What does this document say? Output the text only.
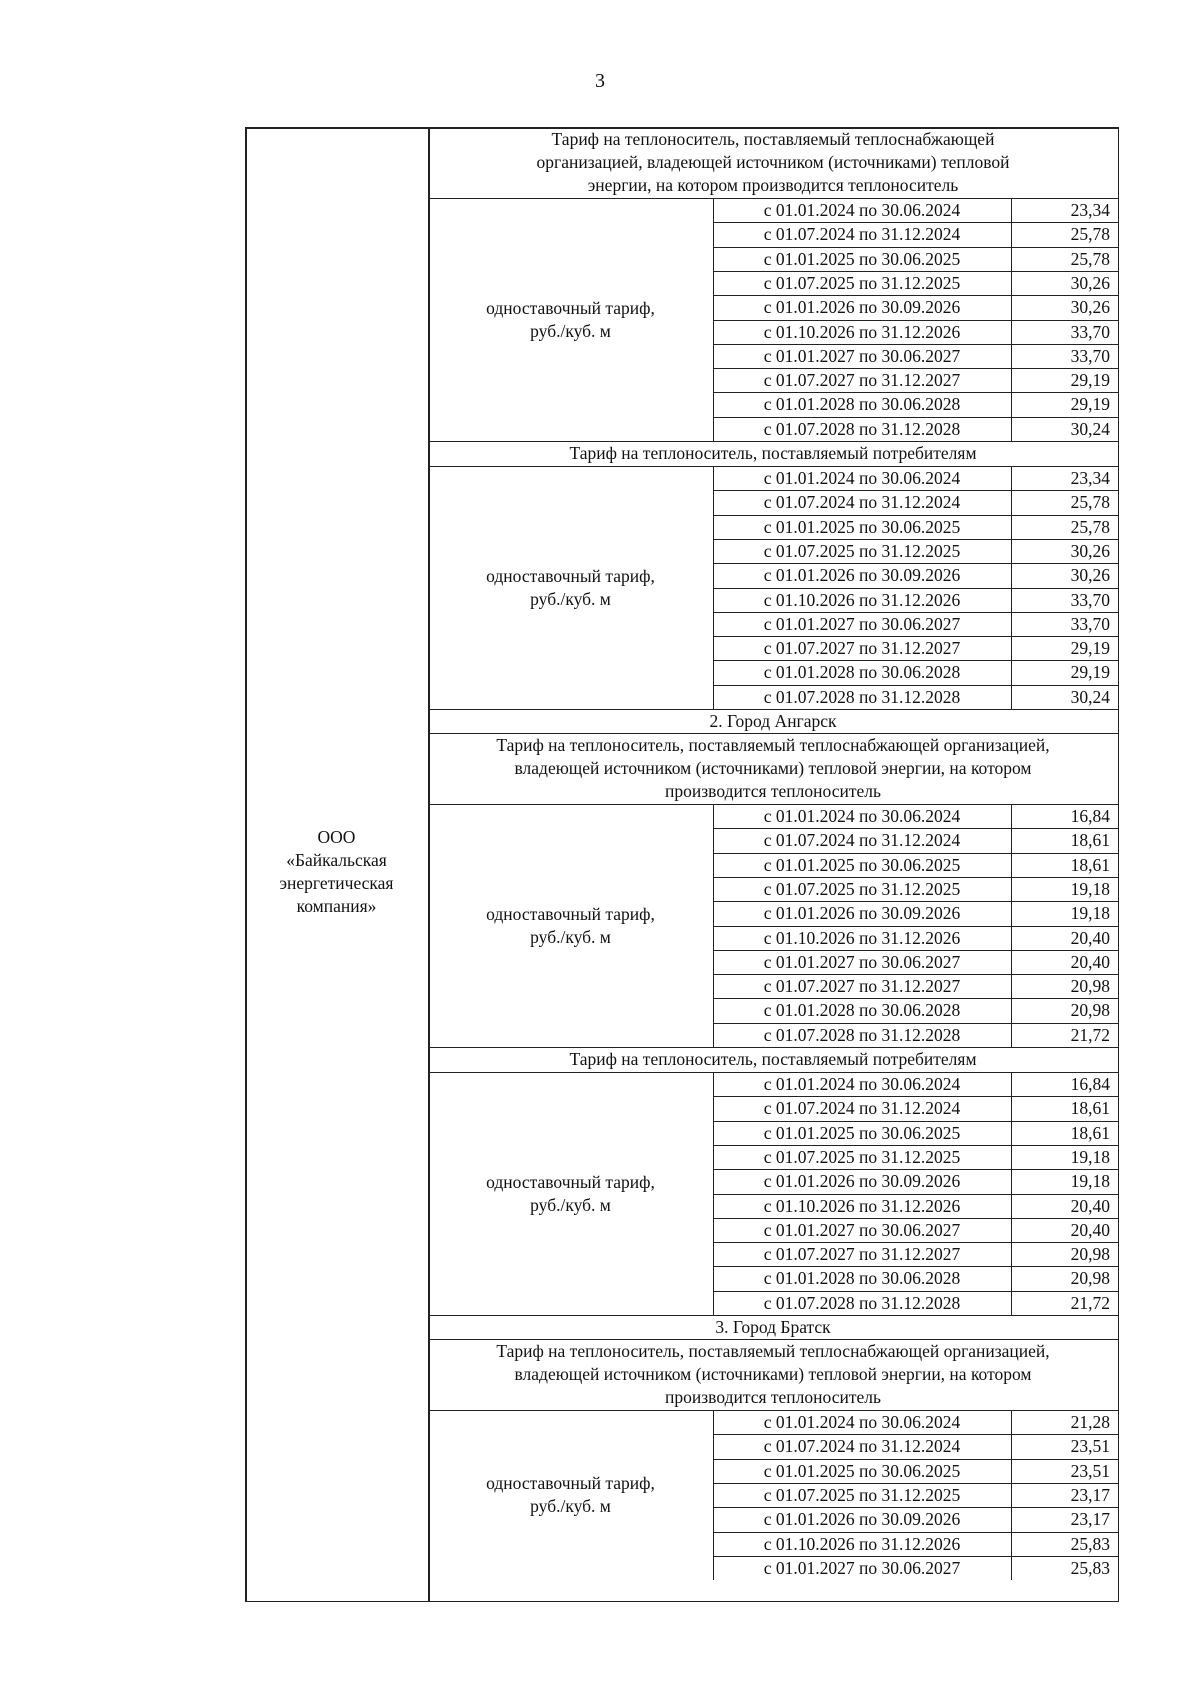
3
ООО
«Байкальская
энергетическая
компания»
Тариф на теплоноситель, поставляемый теплоснабжающей
организацией, владеющей источником (источниками) тепловой
энергии, на котором производится теплоноситель
с 01.01.2024 по 30.06.2024	23,34
с 01.07.2024 по 31.12.2024	25,78
с 01.01.2025 по 30.06.2025	25,78
с 01.07.2025 по 31.12.2025	30,26
с 01.01.2026 по 30.09.2026	30,26
с 01.10.2026 по 31.12.2026	33,70
с 01.01.2027 по 30.06.2027	33,70
с 01.07.2027 по 31.12.2027	29,19
с 01.01.2028 по 30.06.2028	29,19
с 01.07.2028 по 31.12.2028	30,24
одноставочный тариф,
руб./куб. м
Тариф на теплоноситель, поставляемый потребителям
с 01.01.2024 по 30.06.2024	23,34
с 01.07.2024 по 31.12.2024	25,78
с 01.01.2025 по 30.06.2025	25,78
с 01.07.2025 по 31.12.2025	30,26
с 01.01.2026 по 30.09.2026	30,26
с 01.10.2026 по 31.12.2026	33,70
с 01.01.2027 по 30.06.2027	33,70
с 01.07.2027 по 31.12.2027	29,19
с 01.01.2028 по 30.06.2028	29,19
с 01.07.2028 по 31.12.2028	30,24
одноставочный тариф,
руб./куб. м
2. Город Ангарск
Тариф на теплоноситель, поставляемый теплоснабжающей организацией,
владеющей источником (источниками) тепловой энергии, на котором
производится теплоноситель
с 01.01.2024 по 30.06.2024	16,84
с 01.07.2024 по 31.12.2024	18,61
с 01.01.2025 по 30.06.2025	18,61
с 01.07.2025 по 31.12.2025	19,18
с 01.01.2026 по 30.09.2026	19,18
с 01.10.2026 по 31.12.2026	20,40
с 01.01.2027 по 30.06.2027	20,40
с 01.07.2027 по 31.12.2027	20,98
с 01.01.2028 по 30.06.2028	20,98
с 01.07.2028 по 31.12.2028	21,72
одноставочный тариф,
руб./куб. м
Тариф на теплоноситель, поставляемый потребителям
с 01.01.2024 по 30.06.2024	16,84
с 01.07.2024 по 31.12.2024	18,61
с 01.01.2025 по 30.06.2025	18,61
с 01.07.2025 по 31.12.2025	19,18
с 01.01.2026 по 30.09.2026	19,18
с 01.10.2026 по 31.12.2026	20,40
с 01.01.2027 по 30.06.2027	20,40
с 01.07.2027 по 31.12.2027	20,98
с 01.01.2028 по 30.06.2028	20,98
с 01.07.2028 по 31.12.2028	21,72
одноставочный тариф,
руб./куб. м
3. Город Братск
Тариф на теплоноситель, поставляемый теплоснабжающей организацией,
владеющей источником (источниками) тепловой энергии, на котором
производится теплоноситель
с 01.01.2024 по 30.06.2024	21,28
с 01.07.2024 по 31.12.2024	23,51
с 01.01.2025 по 30.06.2025	23,51
с 01.07.2025 по 31.12.2025	23,17
с 01.01.2026 по 30.09.2026	23,17
с 01.10.2026 по 31.12.2026	25,83
с 01.01.2027 по 30.06.2027	25,83
одноставочный тариф,
руб./куб. м
